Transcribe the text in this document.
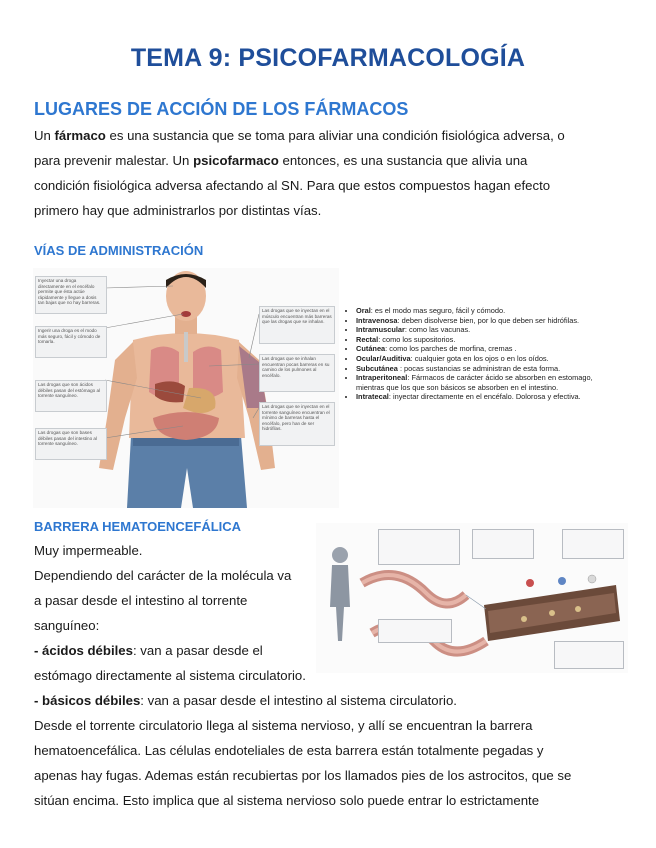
TEMA 9: PSICOFARMACOLOGÍA
LUGARES DE ACCIÓN DE LOS FÁRMACOS
Un fármaco es una sustancia que se toma para aliviar una condición fisiológica adversa, o
para prevenir malestar. Un psicofarmaco entonces, es una sustancia que alivia una
condición fisiológica adversa afectando al SN. Para que estos compuestos hagan efecto
primero hay que administrarlos por distintas vías.
VÍAS DE ADMINISTRACIÓN
Inyectar una droga directamente en el encéfalo permite que ésta actúe rápidamente y llegue a dosis tan bajas que no hay barreras.
Ingerir una droga es el modo más seguro, fácil y cómodo de tomarla.
Las drogas que son ácidos débiles pasan del estómago al torrente sanguíneo.
Las drogas que son bases débiles pasan del intestino al torrente sanguíneo.
Las drogas que se inyectan en el músculo encuentran más barreras que las drogas que se inhalan.
Las drogas que se inhalan encuentran pocas barreras en su camino de los pulmones al encéfalo.
Las drogas que se inyectan en el torrente sanguíneo encuentran el mínimo de barreras hasta el encéfalo, pero han de ser hidrófilas.
• Oral: es el modo mas seguro, fácil y cómodo.
• Intravenosa: deben disolverse bien, por lo que deben ser hidrófilas.
• Intramuscular: como las vacunas.
• Rectal: como los supositorios.
• Cutánea: como los parches de morfina, cremas .
• Ocular/Auditiva: cualquier gota en los ojos o en los oídos.
• Subcutánea : pocas sustancias se administran de esta forma.
• Intraperitoneal: Fármacos de carácter ácido se absorben en estomago, mientras que los que son básicos se absorben en el intestino.
• Intratecal: inyectar directamente en el encéfalo. Dolorosa y efectiva.
BARRERA HEMATOENCEFÁLICA
Muy impermeable.
Dependiendo del carácter de la molécula va
a pasar desde el intestino al torrente
sanguíneo:
- ácidos débiles: van a pasar desde el
estómago directamente al sistema circulatorio.
- básicos débiles: van a pasar desde el intestino al sistema circulatorio.
Desde el torrente circulatorio llega al sistema nervioso, y allí se encuentran la barrera
hematoencefálica. Las células endoteliales de esta barrera están totalmente pegadas y
apenas hay fugas. Ademas están recubiertas por los llamados pies de los astrocitos, que se
sitúan encima. Esto implica que al sistema nervioso solo puede entrar lo estrictamente
